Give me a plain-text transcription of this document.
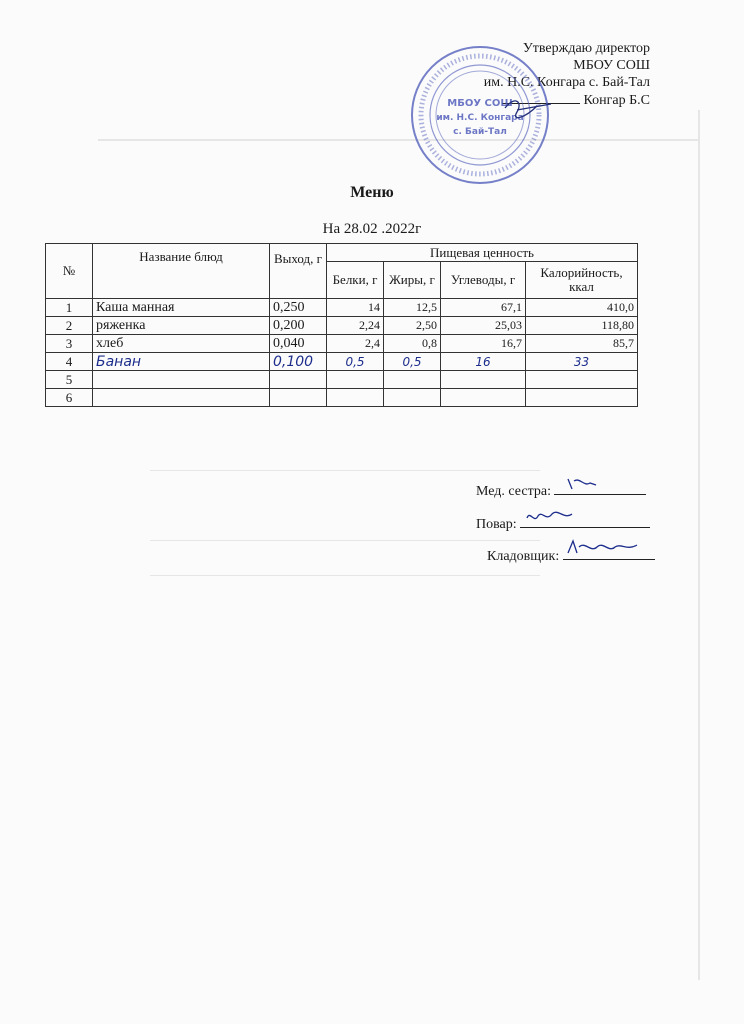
Утверждаю директор
МБОУ СОШ
им. Н.С. Конгара с. Бай-Тал
Конгар Б.С
МБОУ СОШ
им. Н.С. Конгара
с. Бай-Тал
Меню
На 28.02 .2022г
№	Название блюд	Выход, г	Пищевая ценность			
			Белки, г	Жиры, г	Углеводы, г	Калорийность, ккал
1	Каша манная	0,250	14	12,5	67,1	410,0
2	ряженка	0,200	2,24	2,50	25,03	118,80
3	хлеб	0,040	2,4	0,8	16,7	85,7
4	Банан	0,100	0,5	0,5	16	33
5						
6						
Мед. сестра:
Повар:
Кладовщик:
